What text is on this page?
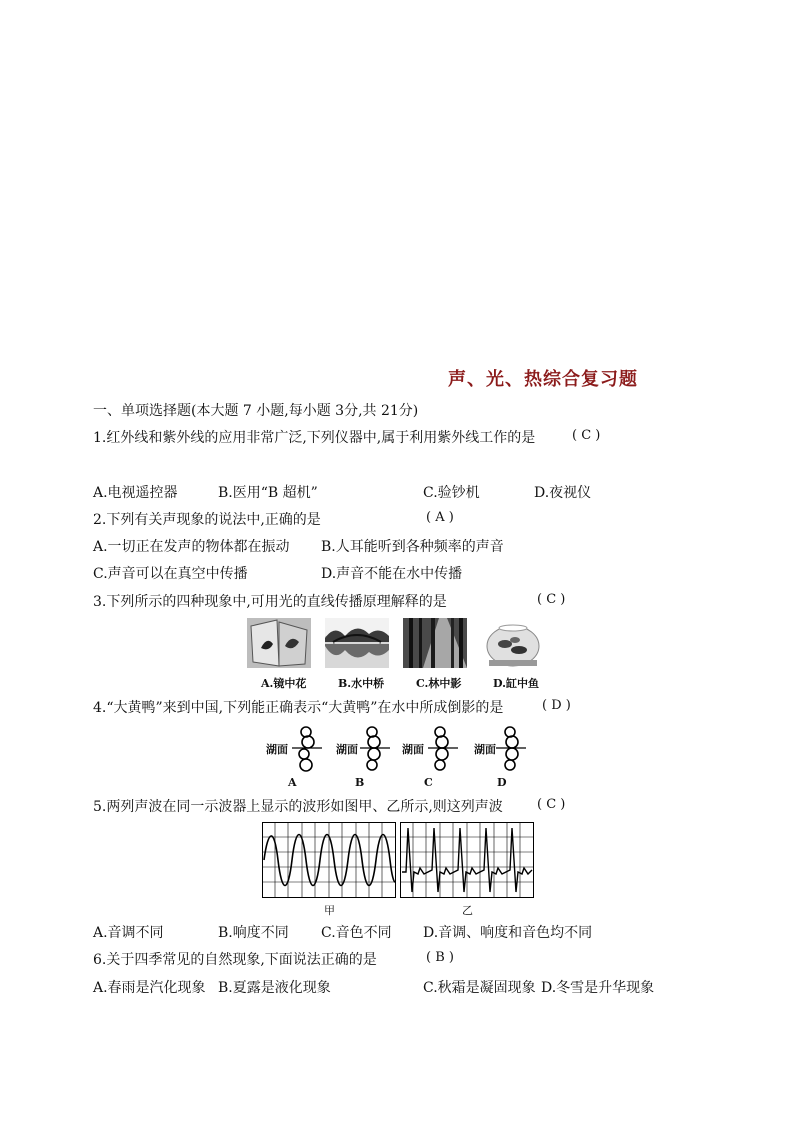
声、光、热综合复习题
一、单项选择题(本大题 7 小题,每小题 3分,共 21分)
1.红外线和紫外线的应用非常广泛,下列仪器中,属于利用紫外线工作的是	( C )
A.电视遥控器	B.医用“B 超机”	C.验钞机	D.夜视仪
2.下列有关声现象的说法中,正确的是	( A )
A.一切正在发声的物体都在振动 B.人耳能听到各种频率的声音
C.声音可以在真空中传播	D.声音不能在水中传播
3.下列所示的四种现象中,可用光的直线传播原理解释的是	( C )
A.镜中花	B.水中桥	C.林中影	D.缸中鱼
4.“大黄鸭”来到中国,下列能正确表示“大黄鸭”在水中所成倒影的是	( D )
湖面	湖面	湖面	湖面
A	B	C	D
5.两列声波在同一示波器上显示的波形如图甲、乙所示,则这列声波	( C )
甲	乙
A.音调不同	B.响度不同 C.音色不同 D.音调、响度和音色均不同
6.关于四季常见的自然现象,下面说法正确的是	( B )
A.春雨是汽化现象 B.夏露是液化现象	C.秋霜是凝固现象 D.冬雪是升华现象
